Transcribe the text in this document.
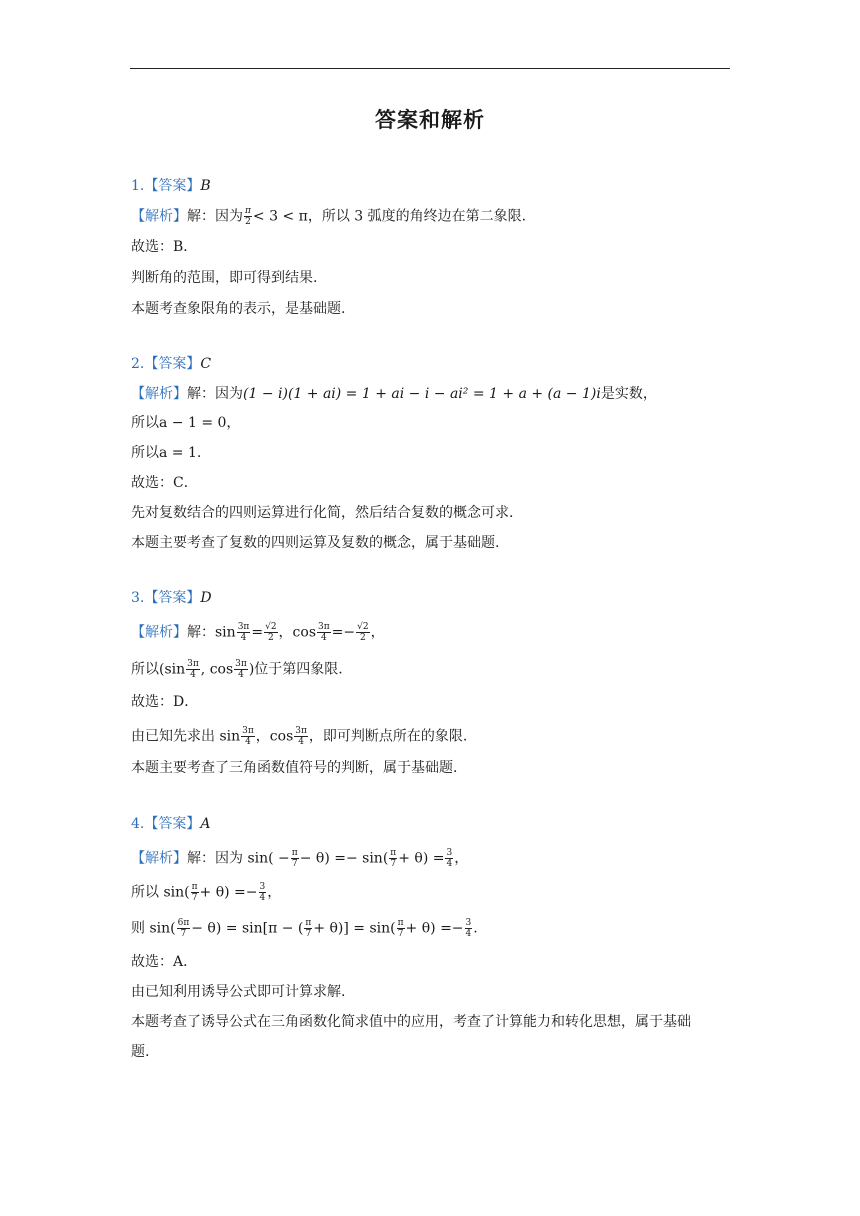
答案和解析
1.【答案】B
【解析】解：因为 $\frac{\pi}{2} < 3 < \pi$，所以 3 弧度的角终边在第二象限.
故选：B．
判断角的范围，即可得到结果.
本题考查象限角的表示，是基础题.
2.【答案】C
【解析】解：因为(1 − i)(1 + ai) = 1 + ai − i − ai² = 1 + a + (a − 1)i是实数，
所以a − 1 = 0，
所以a = 1.
故选：C．
先对复数结合的四则运算进行化简，然后结合复数的概念可求.
本题主要考查了复数的四则运算及复数的概念，属于基础题.
3.【答案】D
【解析】解：$\sin \frac{3\pi}{4} = \frac{√2}{2}$ ，$\cos \frac{3\pi}{4} =- \frac{√2}{2}$ ，
所以($\sin \frac{3\pi}{4}$ , $\cos \frac{3\pi}{4}$ )位于第四象限.
故选：D．
由已知先求出 $\sin \frac{3\pi}{4}$ ，$\cos \frac{3\pi}{4}$ ，即可判断点所在的象限.
本题主要考查了三角函数值符号的判断，属于基础题.
4.【答案】A
【解析】解：因为 $\sin( - \frac{\pi}{7} - \theta) =- \sin( \frac{\pi}{7} + \theta) = \frac{3}{4}$ ，
所以 $\sin( \frac{\pi}{7} + \theta) =- \frac{3}{4}$ ，
则 $\sin( \frac{6\pi}{7} - \theta) = \sin[\pi$ − ( $\frac{\pi}{7} + \theta)] = \sin( \frac{\pi}{7} + \theta) =- \frac{3}{4}$ .
故选：A．
由已知利用诱导公式即可计算求解.
本题考查了诱导公式在三角函数化简求值中的应用，考查了计算能力和转化思想，属于基础
题.
